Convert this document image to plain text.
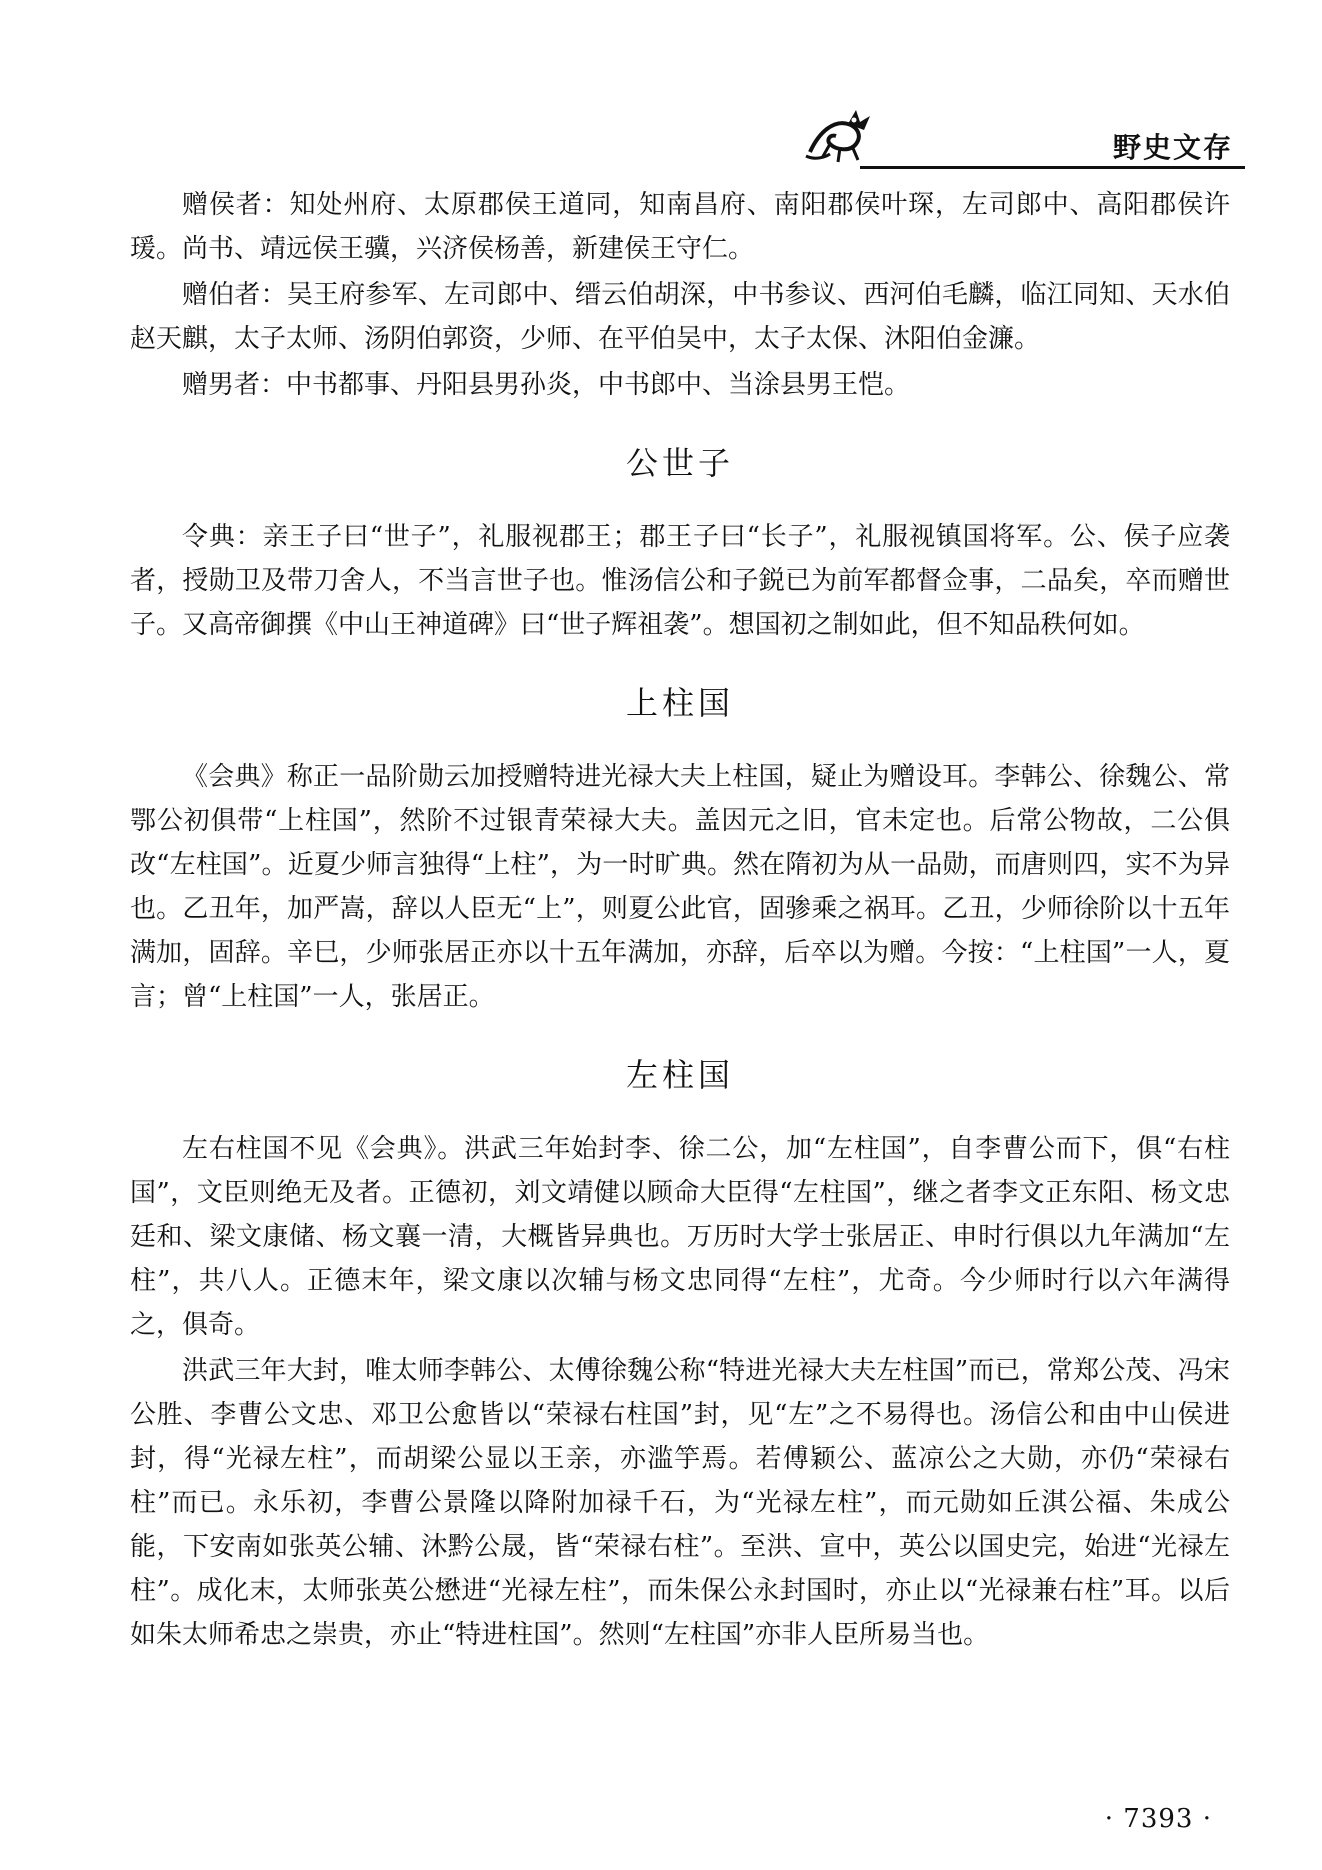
野史文存

赠侯者：知处州府、太原郡侯王道同，知南昌府、南阳郡侯叶琛，左司郎中、高阳郡侯许瑗。尚书、靖远侯王骥，兴济侯杨善，新建侯王守仁。

赠伯者：吴王府参军、左司郎中、缙云伯胡深，中书参议、西河伯毛麟，临江同知、天水伯赵天麒，太子太师、汤阴伯郭资，少师、在平伯吴中，太子太保、沐阳伯金濂。

赠男者：中书都事、丹阳县男孙炎，中书郎中、当涂县男王恺。

公世子

令典：亲王子曰“世子”，礼服视郡王；郡王子曰“长子”，礼服视镇国将军。公、侯子应袭者，授勋卫及带刀舍人，不当言世子也。惟汤信公和子鋭已为前军都督佥事，二品矣，卒而赠世子。又高帝御撰《中山王神道碑》曰“世子辉祖袭”。想国初之制如此，但不知品秩何如。

上柱国

《会典》称正一品阶勋云加授赠特进光禄大夫上柱国，疑止为赠设耳。李韩公、徐魏公、常鄂公初俱带“上柱国”，然阶不过银青荣禄大夫。盖因元之旧，官未定也。后常公物故，二公俱改“左柱国”。近夏少师言独得“上柱”，为一时旷典。然在隋初为从一品勋，而唐则四，实不为异也。乙丑年，加严嵩，辞以人臣无“上”，则夏公此官，固骖乘之祸耳。乙丑，少师徐阶以十五年满加，固辞。辛巳，少师张居正亦以十五年满加，亦辞，后卒以为赠。今按：“上柱国”一人，夏言；曾“上柱国”一人，张居正。

左柱国

左右柱国不见《会典》。洪武三年始封李、徐二公，加“左柱国”，自李曹公而下，俱“右柱国”，文臣则绝无及者。正德初，刘文靖健以顾命大臣得“左柱国”，继之者李文正东阳、杨文忠廷和、梁文康储、杨文襄一清，大概皆异典也。万历时大学士张居正、申时行俱以九年满加“左柱”，共八人。正德末年，梁文康以次辅与杨文忠同得“左柱”，尤奇。今少师时行以六年满得之，俱奇。

洪武三年大封，唯太师李韩公、太傅徐魏公称“特进光禄大夫左柱国”而已，常郑公茂、冯宋公胜、李曹公文忠、邓卫公愈皆以“荣禄右柱国”封，见“左”之不易得也。汤信公和由中山侯进封，得“光禄左柱”，而胡梁公显以王亲，亦滥竽焉。若傅颖公、蓝凉公之大勋，亦仍“荣禄右柱”而已。永乐初，李曹公景隆以降附加禄千石，为“光禄左柱”，而元勋如丘淇公福、朱成公能，下安南如张英公辅、沐黔公晟，皆“荣禄右柱”。至洪、宣中，英公以国史完，始进“光禄左柱”。成化末，太师张英公懋进“光禄左柱”，而朱保公永封国时，亦止以“光禄兼右柱”耳。以后如朱太师希忠之崇贵，亦止“特进柱国”。然则“左柱国”亦非人臣所易当也。

· 7393 ·
